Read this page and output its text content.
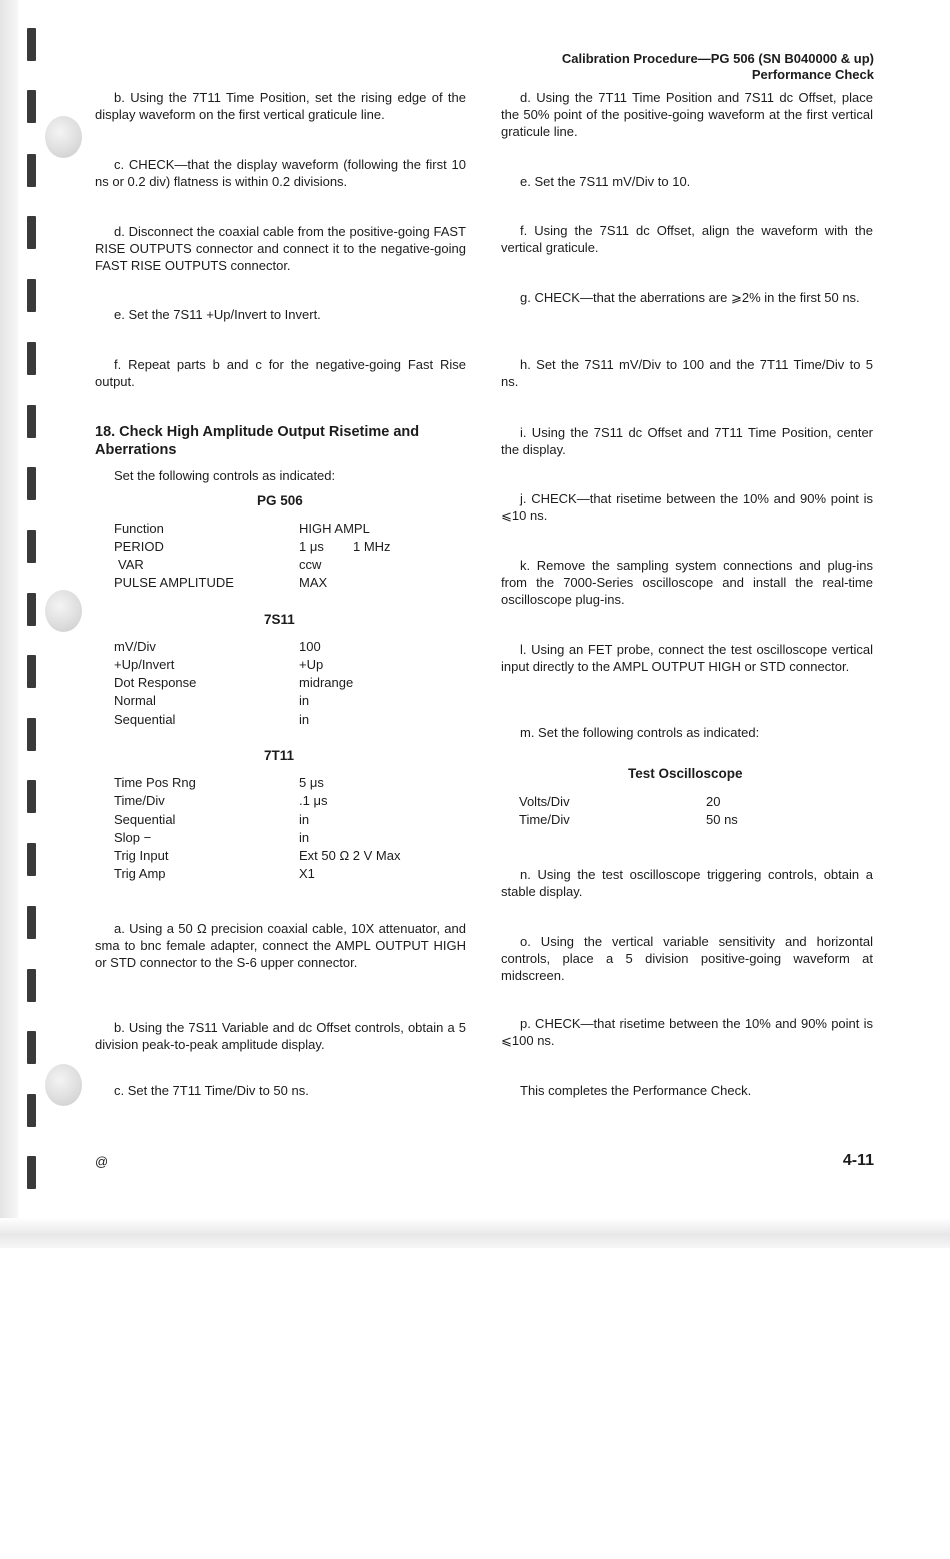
Calibration Procedure—PG 506 (SN B040000 & up)
Performance Check
b. Using the 7T11 Time Position, set the rising edge of the display waveform on the first vertical graticule line.
c. CHECK—that the display waveform (following the first 10 ns or 0.2 div) flatness is within 0.2 divisions.
d. Disconnect the coaxial cable from the positive-going FAST RISE OUTPUTS connector and connect it to the negative-going FAST RISE OUTPUTS connector.
e. Set the 7S11 +Up/Invert to Invert.
f. Repeat parts b and c for the negative-going Fast Rise output.
18. Check High Amplitude Output Risetime and Aberrations
Set the following controls as indicated:
PG 506
Function	HIGH AMPL
PERIOD	1 μs 1 MHz
VAR	ccw
PULSE AMPLITUDE	MAX
7S11
mV/Div	100
+Up/Invert	+Up
Dot Response	midrange
Normal	in
Sequential	in
7T11
Time Pos Rng	5 μs
Time/Div	.1 μs
Sequential	in
Slop −	in
Trig Input	Ext 50 Ω 2 V Max
Trig Amp	X1
a. Using a 50 Ω precision coaxial cable, 10X attenuator, and sma to bnc female adapter, connect the AMPL OUTPUT HIGH or STD connector to the S-6 upper connector.
b. Using the 7S11 Variable and dc Offset controls, obtain a 5 division peak-to-peak amplitude display.
c. Set the 7T11 Time/Div to 50 ns.
d. Using the 7T11 Time Position and 7S11 dc Offset, place the 50% point of the positive-going waveform at the first vertical graticule line.
e. Set the 7S11 mV/Div to 10.
f. Using the 7S11 dc Offset, align the waveform with the vertical graticule.
g. CHECK—that the aberrations are ⩾2% in the first 50 ns.
h. Set the 7S11 mV/Div to 100 and the 7T11 Time/Div to 5 ns.
i. Using the 7S11 dc Offset and 7T11 Time Position, center the display.
j. CHECK—that risetime between the 10% and 90% point is ⩽10 ns.
k. Remove the sampling system connections and plug-ins from the 7000-Series oscilloscope and install the real-time oscilloscope plug-ins.
l. Using an FET probe, connect the test oscilloscope vertical input directly to the AMPL OUTPUT HIGH or STD connector.
m. Set the following controls as indicated:
Test Oscilloscope
Volts/Div	20
Time/Div	50 ns
n. Using the test oscilloscope triggering controls, obtain a stable display.
o. Using the vertical variable sensitivity and horizontal controls, place a 5 division positive-going waveform at midscreen.
p. CHECK—that risetime between the 10% and 90% point is ⩽100 ns.
This completes the Performance Check.
@	4-11
